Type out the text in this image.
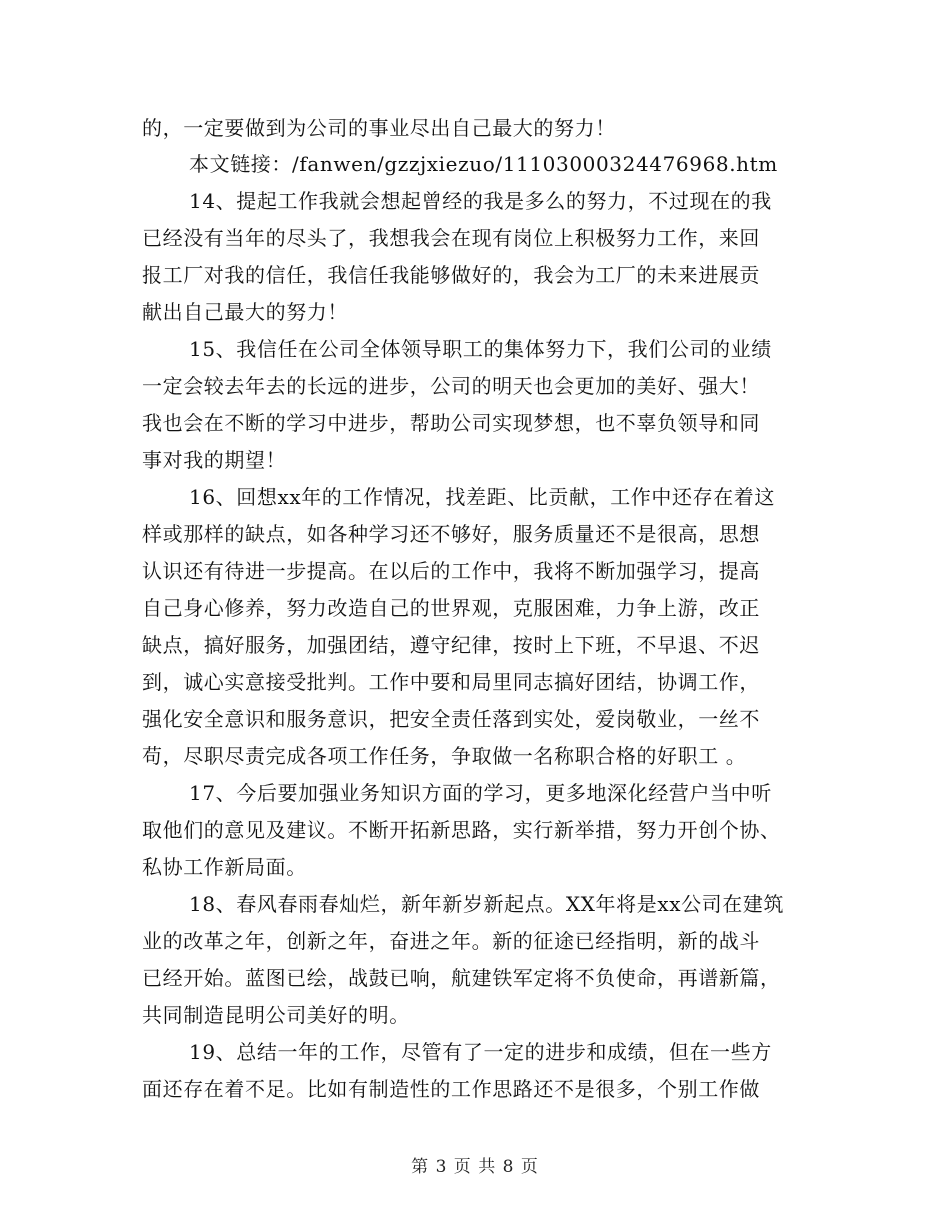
的，一定要做到为公司的事业尽出自己最大的努力！
本文链接：/fanwen/gzzjxiezuo/11103000324476968.htm
14、提起工作我就会想起曾经的我是多么的努力，不过现在的我
已经没有当年的尽头了，我想我会在现有岗位上积极努力工作，来回
报工厂对我的信任，我信任我能够做好的，我会为工厂的未来进展贡
献出自己最大的努力！
15、我信任在公司全体领导职工的集体努力下，我们公司的业绩
一定会较去年去的长远的进步，公司的明天也会更加的美好、强大！
我也会在不断的学习中进步，帮助公司实现梦想，也不辜负领导和同
事对我的期望！
16、回想xx年的工作情况，找差距、比贡献，工作中还存在着这
样或那样的缺点，如各种学习还不够好，服务质量还不是很高，思想
认识还有待进一步提高。在以后的工作中，我将不断加强学习，提高
自己身心修养，努力改造自己的世界观，克服困难，力争上游，改正
缺点，搞好服务，加强团结，遵守纪律，按时上下班，不早退、不迟
到，诚心实意接受批判。工作中要和局里同志搞好团结，协调工作，
强化安全意识和服务意识，把安全责任落到实处，爱岗敬业，一丝不
苟，尽职尽责完成各项工作任务，争取做一名称职合格的好职工 。
17、今后要加强业务知识方面的学习，更多地深化经营户当中听
取他们的意见及建议。不断开拓新思路，实行新举措，努力开创个协、
私协工作新局面。
18、春风春雨春灿烂，新年新岁新起点。XX年将是xx公司在建筑
业的改革之年，创新之年，奋进之年。新的征途已经指明，新的战斗
已经开始。蓝图已绘，战鼓已响，航建铁军定将不负使命，再谱新篇，
共同制造昆明公司美好的明。
19、总结一年的工作，尽管有了一定的进步和成绩，但在一些方
面还存在着不足。比如有制造性的工作思路还不是很多，个别工作做
第 3 页 共 8 页
